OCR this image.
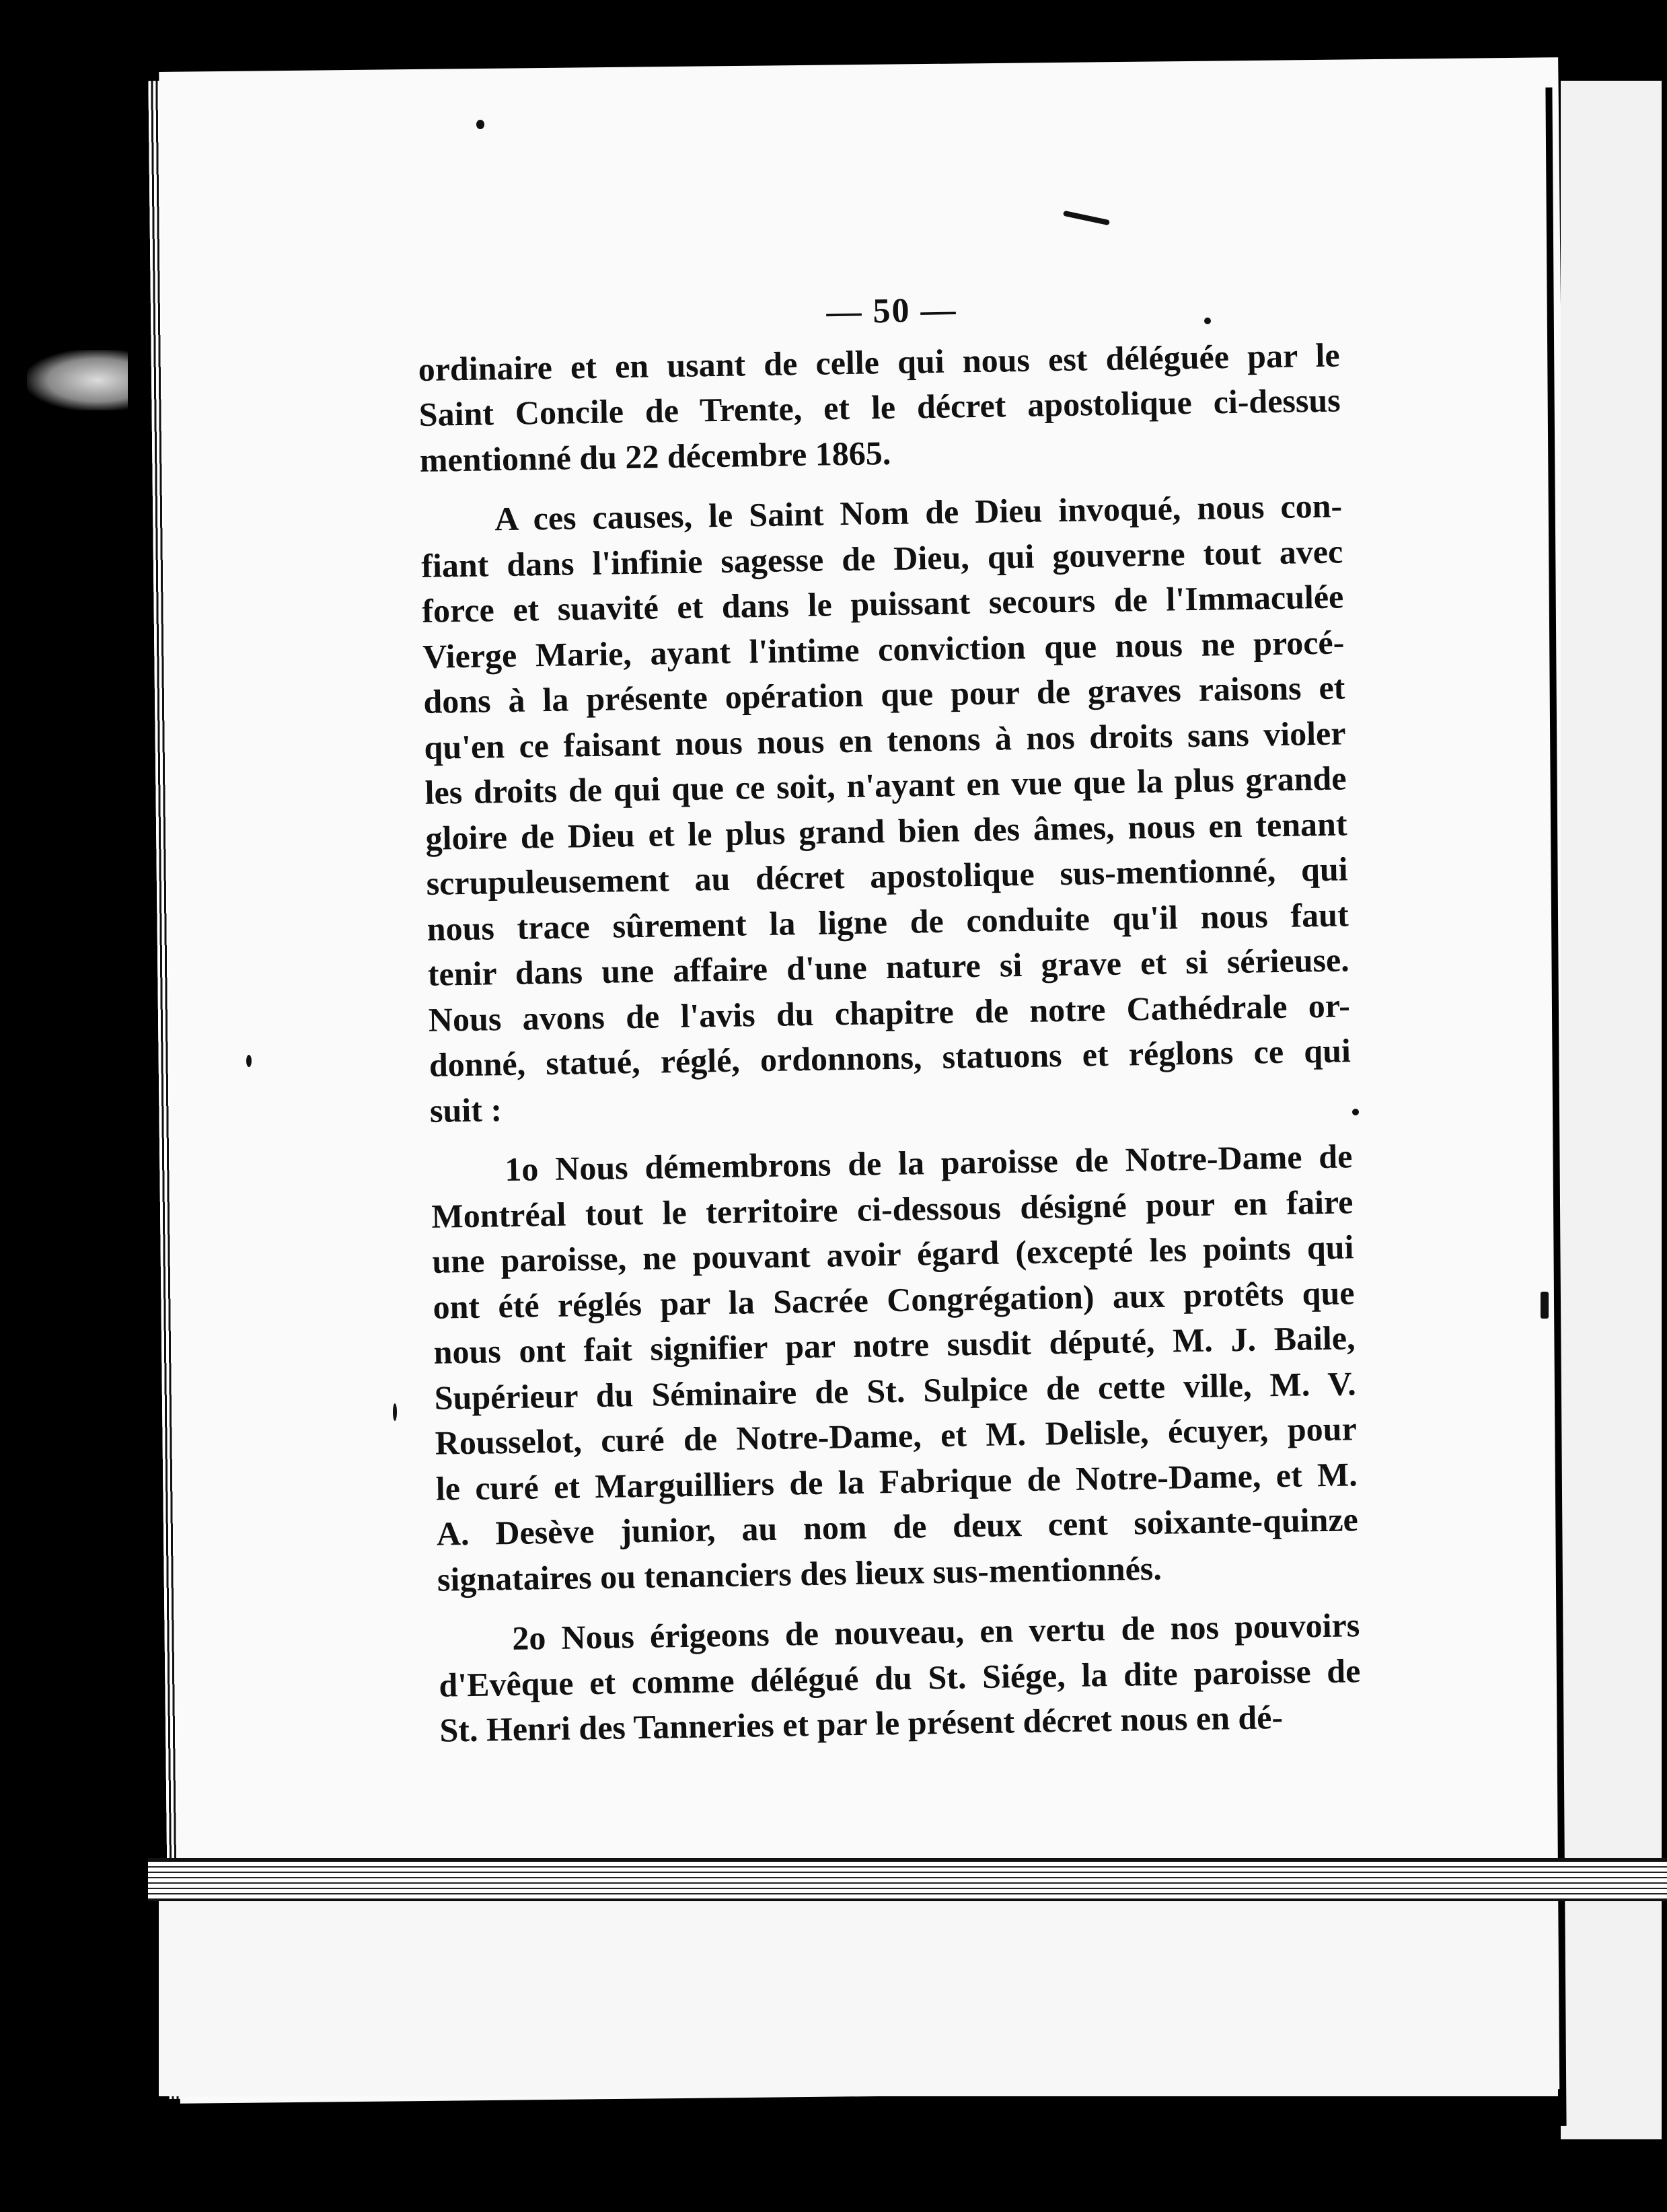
— 50 —
ordinaire et en usant de celle qui nous est déléguée par le
Saint Concile de Trente, et le décret apostolique ci-dessus
mentionné du 22 décembre 1865.
A ces causes, le Saint Nom de Dieu invoqué, nous con-
fiant dans l'infinie sagesse de Dieu, qui gouverne tout avec
force et suavité et dans le puissant secours de l'Immaculée
Vierge Marie, ayant l'intime conviction que nous ne procé-
dons à la présente opération que pour de graves raisons et
qu'en ce faisant nous nous en tenons à nos droits sans violer
les droits de qui que ce soit, n'ayant en vue que la plus grande
gloire de Dieu et le plus grand bien des âmes, nous en tenant
scrupuleusement au décret apostolique sus-mentionné, qui
nous trace sûrement la ligne de conduite qu'il nous faut
tenir dans une affaire d'une nature si grave et si sérieuse.
Nous avons de l'avis du chapitre de notre Cathédrale or-
donné, statué, réglé, ordonnons, statuons et réglons ce qui
suit :
1o Nous démembrons de la paroisse de Notre-Dame de
Montréal tout le territoire ci-dessous désigné pour en faire
une paroisse, ne pouvant avoir égard (excepté les points qui
ont été réglés par la Sacrée Congrégation) aux protêts que
nous ont fait signifier par notre susdit député, M. J. Baile,
Supérieur du Séminaire de St. Sulpice de cette ville, M. V.
Rousselot, curé de Notre-Dame, et M. Delisle, écuyer, pour
le curé et Marguilliers de la Fabrique de Notre-Dame, et M.
A. Desève junior, au nom de deux cent soixante-quinze
signataires ou tenanciers des lieux sus-mentionnés.
2o Nous érigeons de nouveau, en vertu de nos pouvoirs
d'Evêque et comme délégué du St. Siége, la dite paroisse de
St. Henri des Tanneries et par le présent décret nous en dé-
